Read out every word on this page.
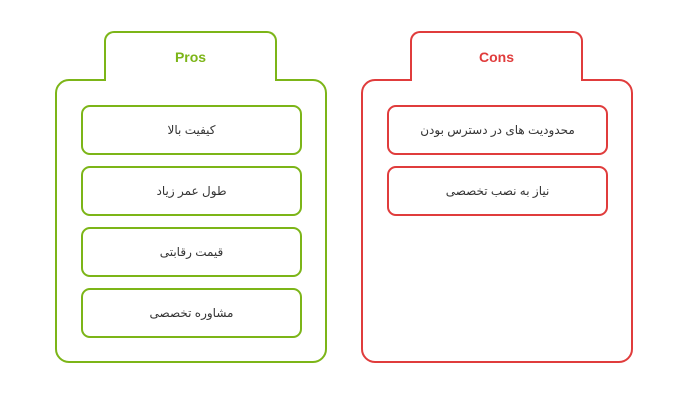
Pros
کیفیت بالا
طول عمر زیاد
قیمت رقابتی
مشاوره تخصصی
Cons
محدودیت های در دسترس بودن
نیاز به نصب تخصصی
